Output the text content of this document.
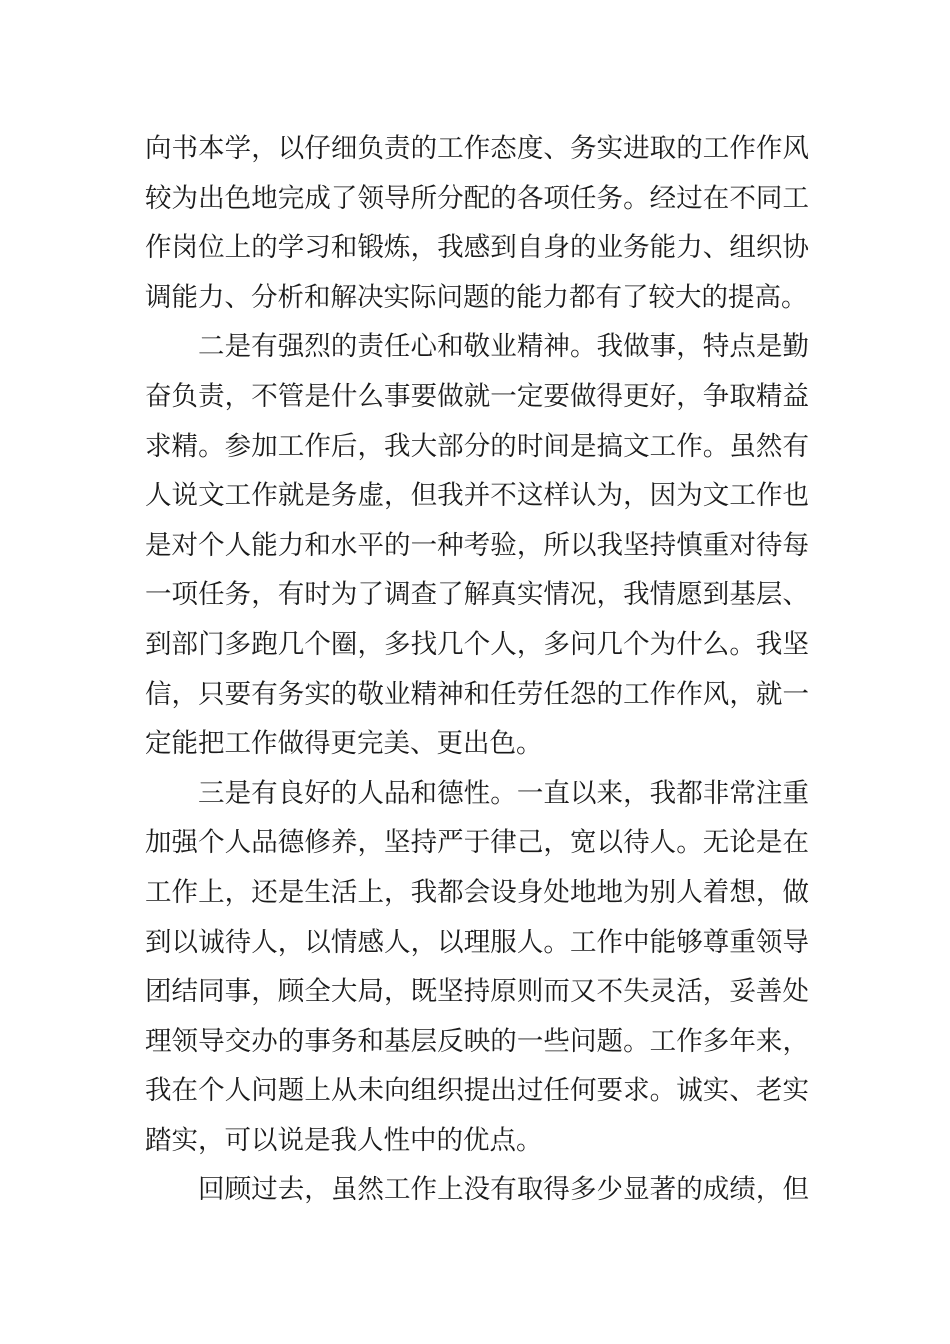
向书本学，以仔细负责的工作态度、务实进取的工作作风
较为出色地完成了领导所分配的各项任务。经过在不同工
作岗位上的学习和锻炼，我感到自身的业务能力、组织协
调能力、分析和解决实际问题的能力都有了较大的提高。
二是有强烈的责任心和敬业精神。我做事，特点是勤
奋负责，不管是什么事要做就一定要做得更好，争取精益
求精。参加工作后，我大部分的时间是搞文工作。虽然有
人说文工作就是务虚，但我并不这样认为，因为文工作也
是对个人能力和水平的一种考验，所以我坚持慎重对待每
一项任务，有时为了调查了解真实情况，我情愿到基层、
到部门多跑几个圈，多找几个人，多问几个为什么。我坚
信，只要有务实的敬业精神和任劳任怨的工作作风，就一
定能把工作做得更完美、更出色。
三是有良好的人品和德性。一直以来，我都非常注重
加强个人品德修养，坚持严于律己，宽以待人。无论是在
工作上，还是生活上，我都会设身处地地为别人着想，做
到以诚待人，以情感人，以理服人。工作中能够尊重领导
团结同事，顾全大局，既坚持原则而又不失灵活，妥善处
理领导交办的事务和基层反映的一些问题。工作多年来，
我在个人问题上从未向组织提出过任何要求。诚实、老实
踏实，可以说是我人性中的优点。
回顾过去，虽然工作上没有取得多少显著的成绩，但
